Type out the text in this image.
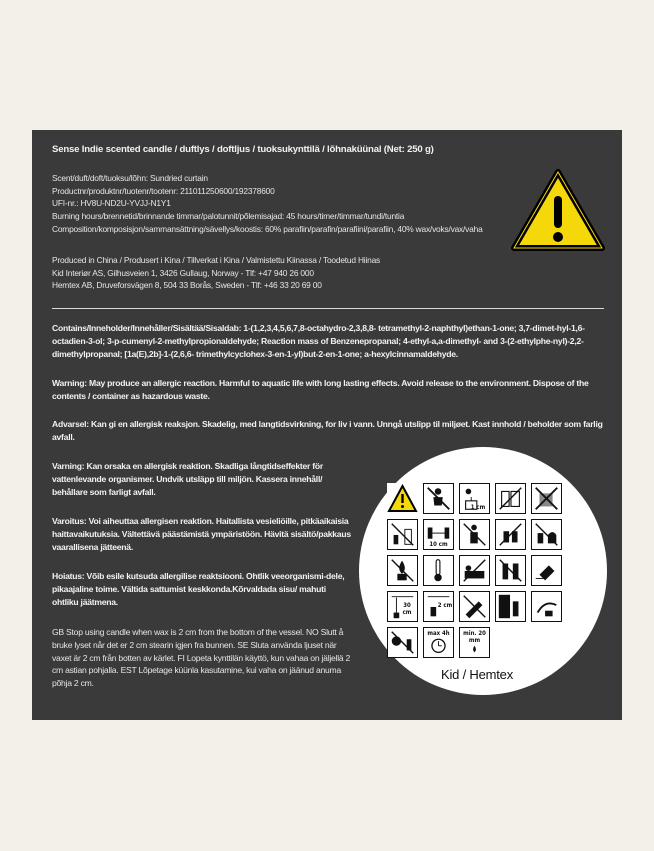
Sense Indie scented candle / duftlys / doftljus / tuoksukynttilä / lõhnaküünal (Net: 250 g)
Scent/duft/doft/tuoksu/lõhn: Sundried curtain
Productnr/produktnr/tuotenr/tootenr: 211011250600/192378600
UFI-nr.: HV8U-ND2U-YVJJ-N1Y1
Burning hours/brennetid/brinnande timmar/palotunnit/põlemisajad: 45 hours/timer/timmar/tundi/tuntia
Composition/komposisjon/sammansättning/sävellys/koostis: 60% parafiin/parafin/parafiini/parafiin, 40% wax/voks/vax/vaha
Produced in China / Produsert i Kina / Tillverkat i Kina / Valmistettu Kiinassa / Toodetud Hiinas
Kid Interiør AS, Gilhusveien 1, 3426 Gullaug, Norway - Tlf: +47 940 26 000
Hemtex AB, Druveforsvägen 8, 504 33 Borås, Sweden - Tlf: +46 33 20 69 00
Contains/Inneholder/Innehåller/Sisältää/Sisaldab: 1-(1,2,3,4,5,6,7,8-octahydro-2,3,8,8- tetramethyl-2-naphthyl)ethan-1-one; 3,7-dimet-hyl-1,6-octadien-3-ol; 3-p-cumenyl-2-methylpropionaldehyde; Reaction mass of Benzenepropanal; 4-ethyl-a,a-dimethyl- and 3-(2-ethylphe-nyl)-2,2-dimethylpropanal; [1a(E),2b]-1-(2,6,6- trimethylcyclohex-3-en-1-yl)but-2-en-1-one; a-hexylcinnamaldehyde.
Warning: May produce an allergic reaction. Harmful to aquatic life with long lasting effects. Avoid release to the environment. Dispose of the contents / container as hazardous waste.
Advarsel: Kan gi en allergisk reaksjon. Skadelig, med langtidsvirkning, for liv i vann. Unngå utslipp til miljøet. Kast innhold / beholder som farlig avfall.
Varning: Kan orsaka en allergisk reaktion. Skadliga långtidseffekter för vattenlevande organismer. Undvik utsläpp till miljön. Kassera innehåll/ behållare som farligt avfall.
Varoitus: Voi aiheuttaa allergisen reaktion. Haitallista vesieliöille, pitkäaikaisia haittavaikutuksia. Vältettävä päästämistä ympäristöön. Hävitä sisältö/pakkaus vaarallisena jätteenä.
Hoiatus: Võib esile kutsuda allergilise reaktsiooni. Ohtlik veeorganismi-dele, pikaajaline toime. Vältida sattumist keskkonda.Kõrvaldada sisu/ mahuti ohtliku jäätmena.
GB Stop using candle when wax is 2 cm from the bottom of the vessel. NO Slutt å bruke lyset når det er 2 cm stearin igjen fra bunnen. SE Sluta använda ljuset när vaxet är 2 cm från botten av kärlet. FI Lopeta kynttilän käyttö, kun vahaa on jäljellä 2 cm astian pohjalla. EST Lõpetage küünla kasutamine, kui vaha on jäänud anuma põhja 2 cm.
1 cm
10 cm
30 cm
2 cm
max 4h	min. 20 mm
Kid / Hemtex
